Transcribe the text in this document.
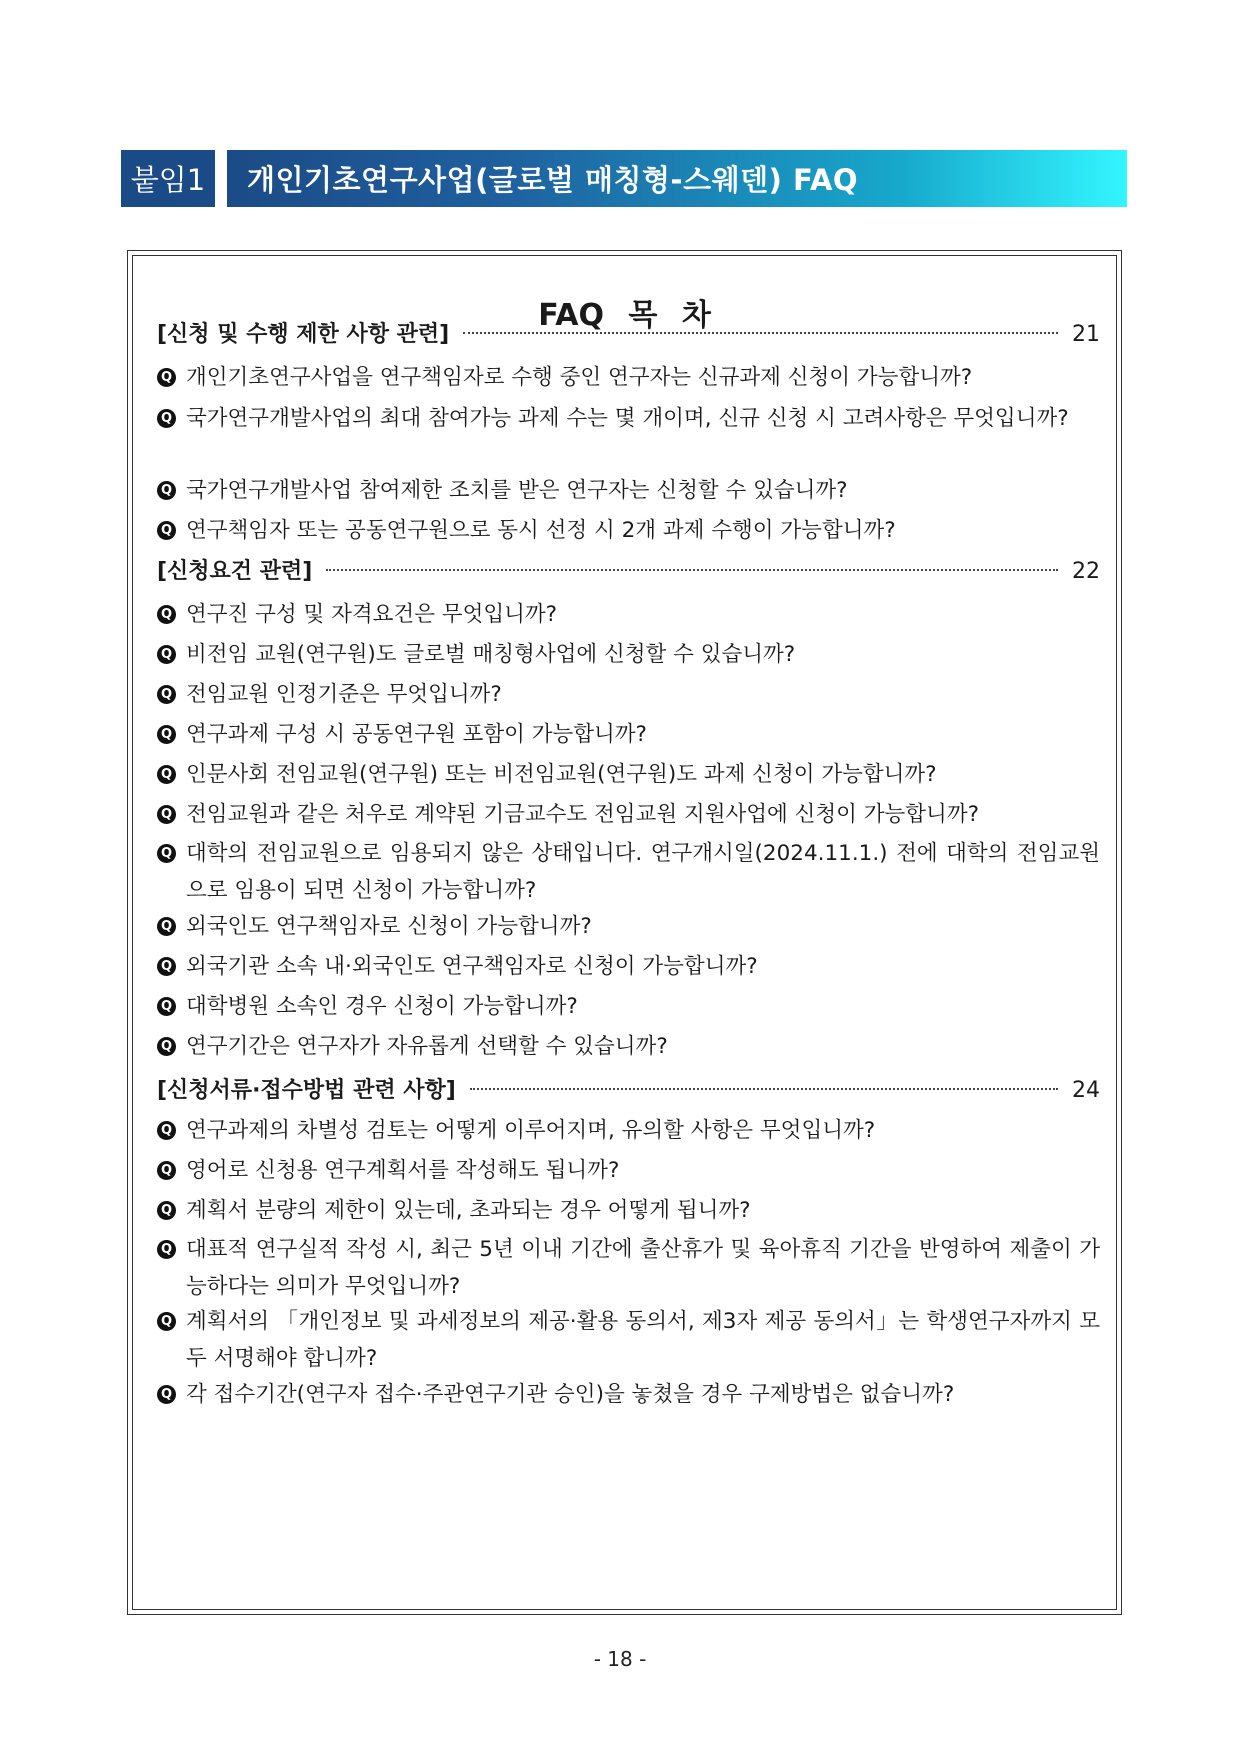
붙임1	개인기초연구사업(글로벌 매칭형-스웨덴) FAQ
FAQ 목 차
[신청 및 수행 제한 사항 관련]	21
Q 개인기초연구사업을 연구책임자로 수행 중인 연구자는 신규과제 신청이 가능합니까?
Q 국가연구개발사업의 최대 참여가능 과제 수는 몇 개이며, 신규 신청 시 고려사항은 무엇입니까?
Q 국가연구개발사업 참여제한 조치를 받은 연구자는 신청할 수 있습니까?
Q 연구책임자 또는 공동연구원으로 동시 선정 시 2개 과제 수행이 가능합니까?
[신청요건 관련]	22
Q 연구진 구성 및 자격요건은 무엇입니까?
Q 비전임 교원(연구원)도 글로벌 매칭형사업에 신청할 수 있습니까?
Q 전임교원 인정기준은 무엇입니까?
Q 연구과제 구성 시 공동연구원 포함이 가능합니까?
Q 인문사회 전임교원(연구원) 또는 비전임교원(연구원)도 과제 신청이 가능합니까?
Q 전임교원과 같은 처우로 계약된 기금교수도 전임교원 지원사업에 신청이 가능합니까?
Q 대학의 전임교원으로 임용되지 않은 상태입니다. 연구개시일(2024.11.1.) 전에 대학의 전임교원으로 임용이 되면 신청이 가능합니까?
Q 외국인도 연구책임자로 신청이 가능합니까?
Q 외국기관 소속 내·외국인도 연구책임자로 신청이 가능합니까?
Q 대학병원 소속인 경우 신청이 가능합니까?
Q 연구기간은 연구자가 자유롭게 선택할 수 있습니까?
[신청서류·접수방법 관련 사항]	24
Q 연구과제의 차별성 검토는 어떻게 이루어지며, 유의할 사항은 무엇입니까?
Q 영어로 신청용 연구계획서를 작성해도 됩니까?
Q 계획서 분량의 제한이 있는데, 초과되는 경우 어떻게 됩니까?
Q 대표적 연구실적 작성 시, 최근 5년 이내 기간에 출산휴가 및 육아휴직 기간을 반영하여 제출이 가능하다는 의미가 무엇입니까?
Q 계획서의 「개인정보 및 과세정보의 제공·활용 동의서, 제3자 제공 동의서」는 학생연구자까지 모두 서명해야 합니까?
Q 각 접수기간(연구자 접수·주관연구기관 승인)을 놓쳤을 경우 구제방법은 없습니까?
- 18 -
